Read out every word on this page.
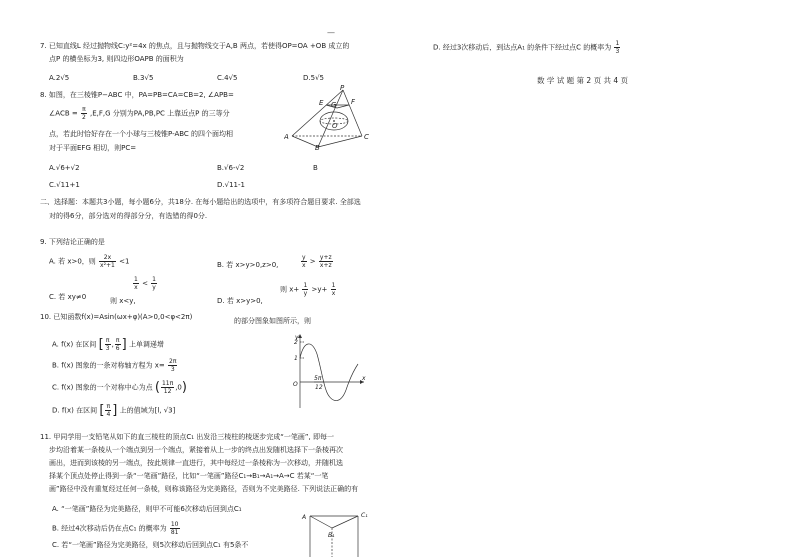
—
7. 已知直线L 经过抛物线C:y²=4x 的焦点，且与抛物线交于A,B 两点，若使得OP=OA +OB 成立的
点P 的横坐标为3, 则四边形OAPB 的面积为
A.2√5	B.3√5	C.4√5	D.5√5
8. 如图，在三棱锥P−ABC 中，PA=PB=CA=CB=2, ∠APB=
∠ACB = $\frac{\pi}{2} ,E,F,G$ 分别为PA,PB,PC 上靠近点P 的三等分
点，若此时恰好存在一个小球与三棱锥P-ABC 的四个面均相
对于平面EFG 相切，则PC=
A.√6+√2	B.√6-√2	B
C.√11+1	D.√11-1
P
E	F
G
A	C
B
O
二、选择题：本题共3小题，每小题6分，共18分. 在每小题给出的选项中，有多项符合题目要求. 全部选
对的得6分，部分选对的得部分分，有选错的得0分.
9. 下列结论正确的是
A. 若 x>0，则 $\frac{2x}{\text{x²+1}} <1$	B. 若 x>y>0,z>0,	$\frac{y}{x} > \frac{y+z}{x+z}$
$\frac{1}{x} < \frac{1}{y}$
C. 若 xy≠0	则 x<y,
则 $x+ \frac{1}{y} >y+ \frac{1}{x}$
D. 若 x>y>0,
10. 已知函数f(x)=Asin(ωx+φ)(A>0,0<φ<2π)	的部分图象如图所示，则
A. f(x) 在区间 [ $\frac{\pi}{3}$ , $\frac{\pi}{6}$ ] 上单调递增
B. f(x) 图象的一条对称轴方程为 $x= \frac{2\pi}{3}$
C. f(x) 图象的一个对称中心为点 ( $\frac{11\pi}{12} ,0$)
D. f(x) 在区间 [ $\frac{\pi}{4}$ ] 上的值域为[l, √3]
y
2
1
O
5π
12
x
11. 甲同学用一支铅笔从如下的直三棱柱的顶点C₁ 出发沿三棱柱的棱逐步完成“一笔画”, 即每一
步均沿着某一条棱从一个端点到另一个端点，紧接着从上一步的终点出发随机选择下一条棱再次
画出，进而到该棱的另一端点，按此规律一直进行，其中每经过一条棱称为一次移动，并随机选
择某个顶点处停止得到一条“一笔画”路径，比如“一笔画”路径C₁→B₁→A₁→A→C 若某“一笔
画”路径中没有重复经过任何一条棱，则称该路径为完美路径，否则为不完美路径. 下列说法正确的有
A. “一笔画”路径为完美路径，则甲不可能6次移动后回到点C₁
B. 经过4次移动后仍在点C₁ 的概率为 $\frac{10}{81}$
C. 若“一笔画”路径为完美路径，则5次移动后回到点C₁ 有5条不
A	C₁
B₁
D. 经过3次移动后，到达点A₁ 的条件下经过点C 的概率为 $\frac{1}{3}$
数 学 试 题 第 2 页 共 4 页
